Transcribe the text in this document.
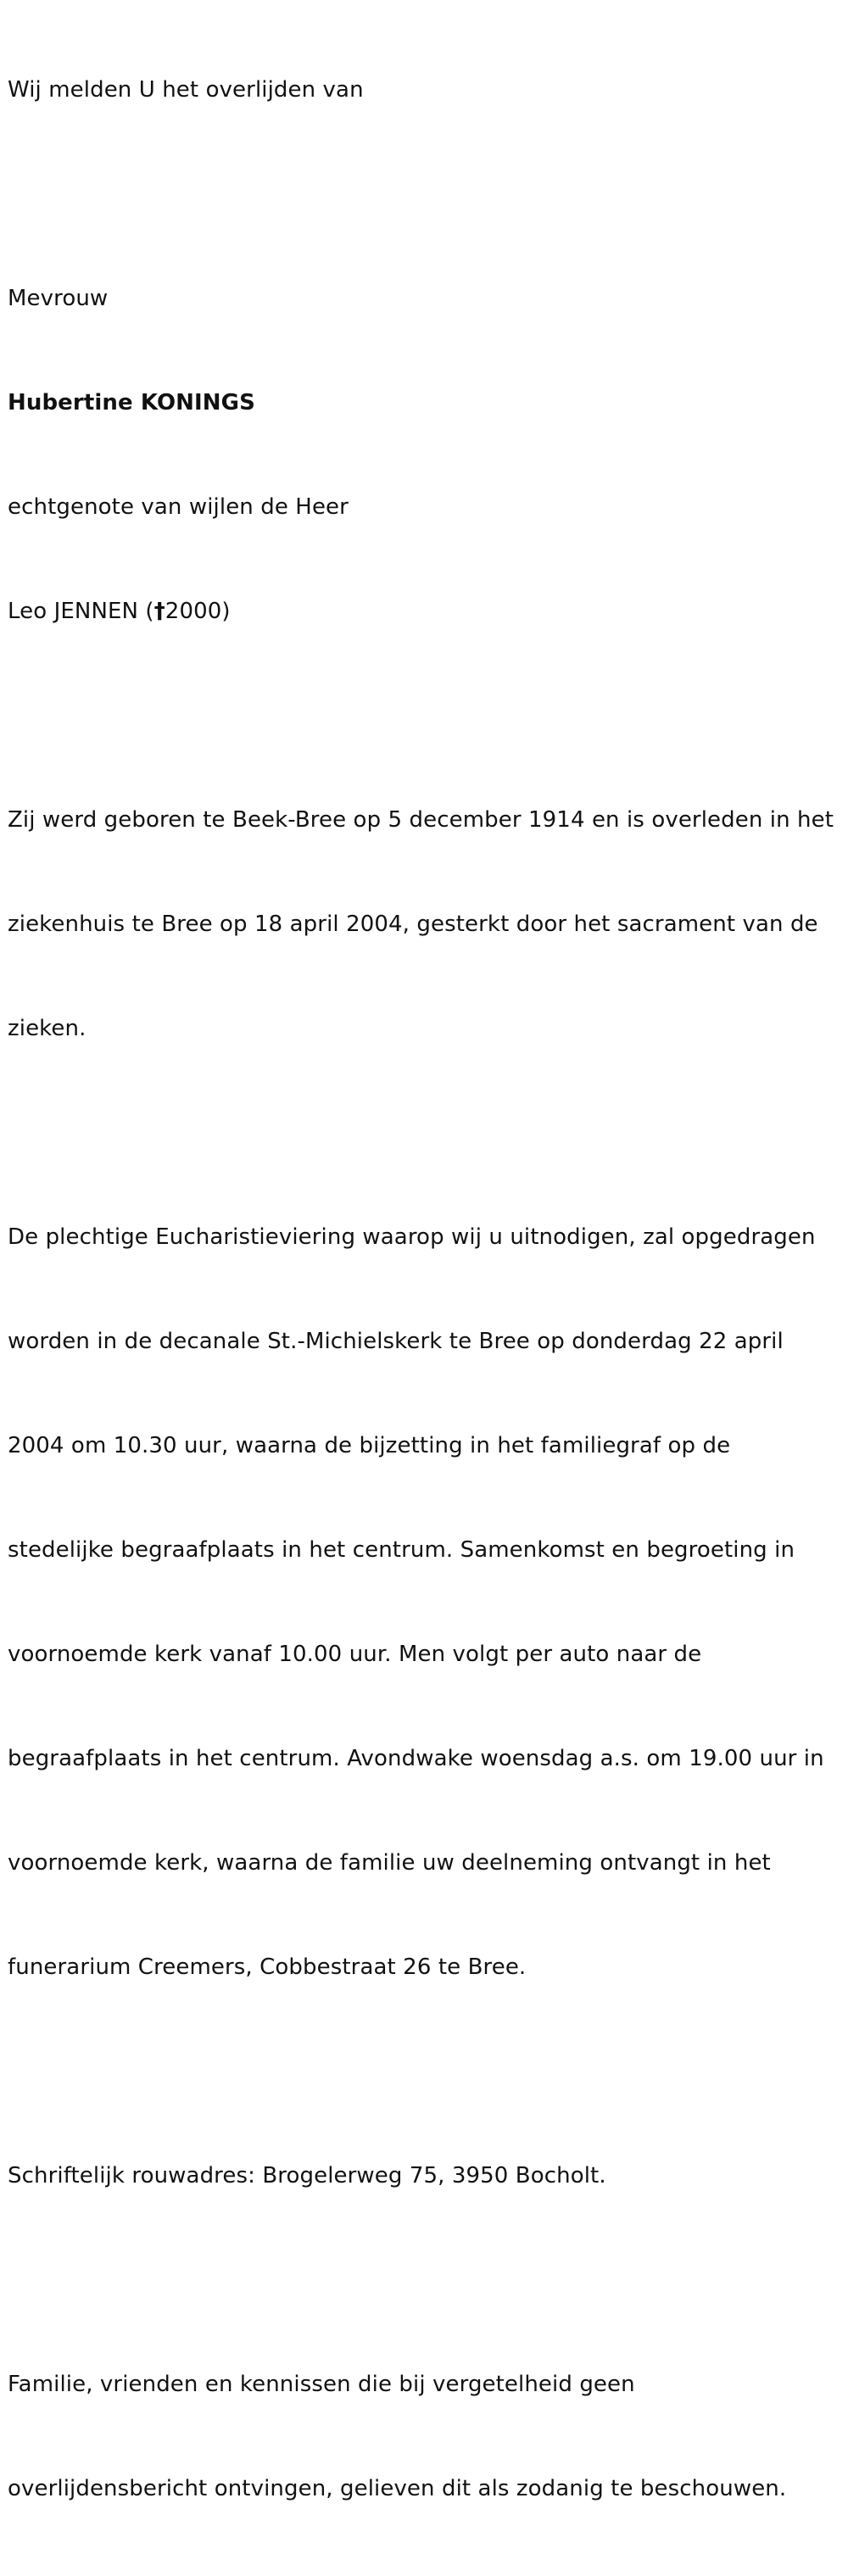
Wij melden U het overlijden van

Mevrouw

Hubertine KONINGS

echtgenote van wijlen de Heer

Leo JENNEN (†2000)

Zij werd geboren te Beek-Bree op 5 december 1914 en is overleden in het

ziekenhuis te Bree op 18 april 2004, gesterkt door het sacrament van de

zieken.

De plechtige Eucharistieviering waarop wij u uitnodigen, zal opgedragen

worden in de decanale St.-Michielskerk te Bree op donderdag 22 april

2004 om 10.30 uur, waarna de bijzetting in het familiegraf op de

stedelijke begraafplaats in het centrum. Samenkomst en begroeting in

voornoemde kerk vanaf 10.00 uur. Men volgt per auto naar de

begraafplaats in het centrum. Avondwake woensdag a.s. om 19.00 uur in

voornoemde kerk, waarna de familie uw deelneming ontvangt in het

funerarium Creemers, Cobbestraat 26 te Bree.

Schriftelijk rouwadres: Brogelerweg 75, 3950 Bocholt.

Familie, vrienden en kennissen die bij vergetelheid geen

overlijdensbericht ontvingen, gelieven dit als zodanig te beschouwen.
